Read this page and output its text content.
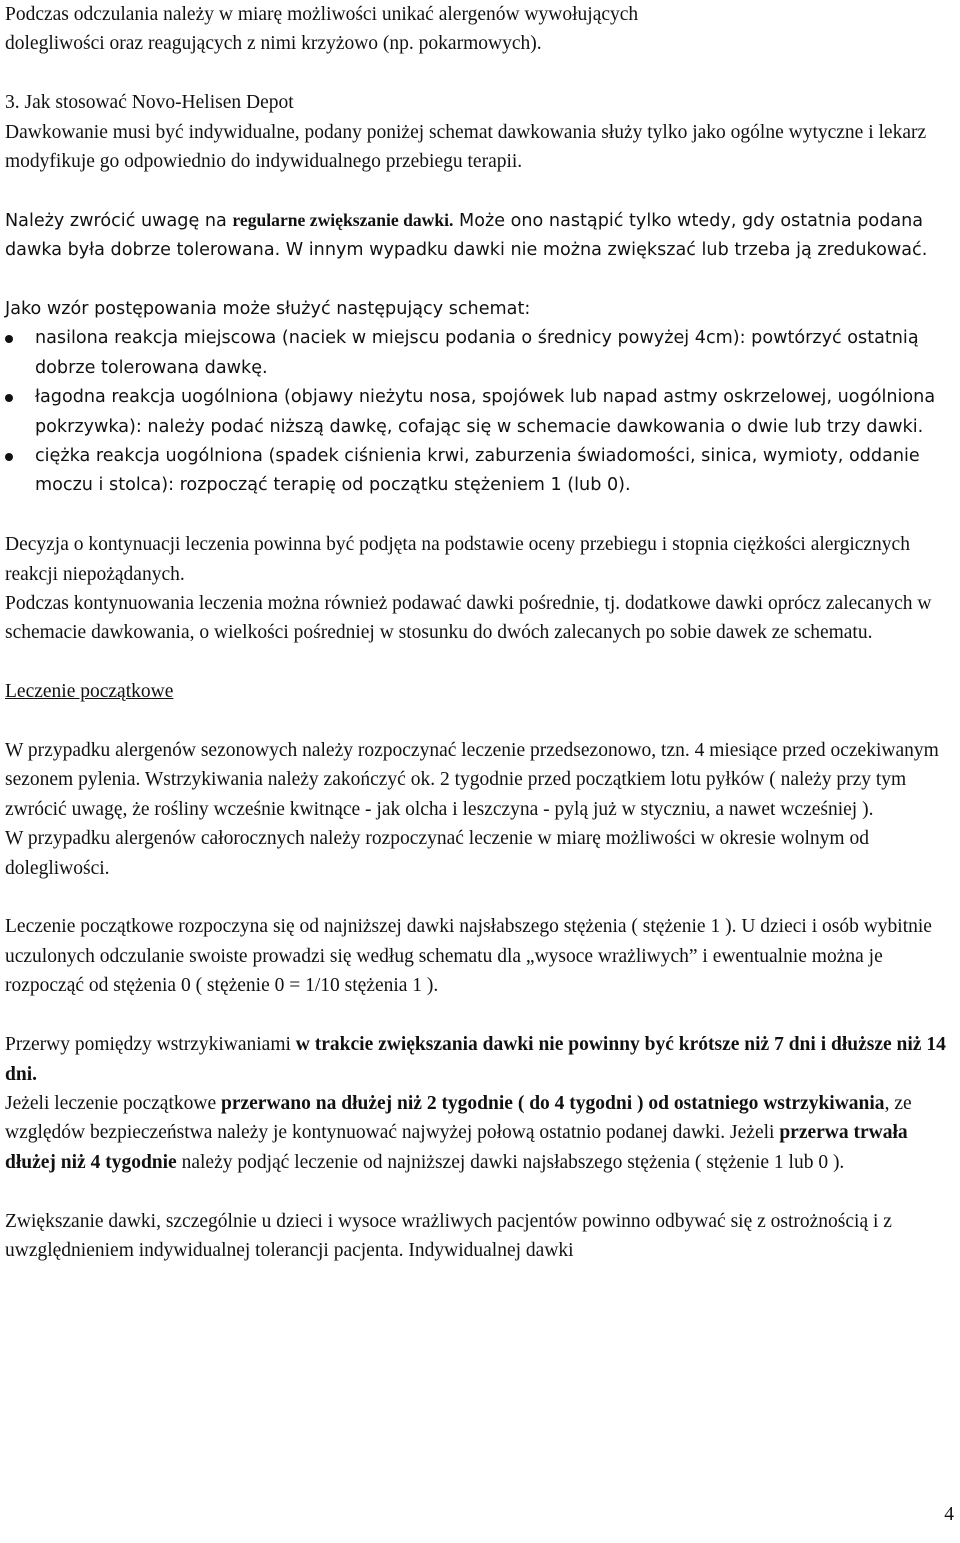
Podczas odczulania należy w miarę możliwości unikać alergenów wywołujących

dolegliwości oraz reagujących z nimi krzyżowo (np. pokarmowych).

3. Jak stosować Novo-Helisen Depot

Dawkowanie musi być indywidualne, podany poniżej schemat dawkowania służy tylko jako ogólne wytyczne i lekarz modyfikuje go odpowiednio do indywidualnego przebiegu terapii.

Należy zwrócić uwagę na regularne zwiększanie dawki. Może ono nastąpić tylko wtedy, gdy ostatnia podana dawka była dobrze tolerowana. W innym wypadku dawki nie można zwiększać lub trzeba ją zredukować.

Jako wzór postępowania może służyć następujący schemat:

nasilona reakcja miejscowa (naciek w miejscu podania o średnicy powyżej 4cm): powtórzyć ostatnią dobrze tolerowana dawkę.
łagodna reakcja uogólniona (objawy nieżytu nosa, spojówek lub napad astmy oskrzelowej, uogólniona pokrzywka): należy podać niższą dawkę, cofając się w schemacie dawkowania o dwie lub trzy dawki.
ciężka reakcja uogólniona (spadek ciśnienia krwi, zaburzenia świadomości, sinica, wymioty, oddanie moczu i stolca): rozpocząć terapię od początku stężeniem 1 (lub 0).

Decyzja o kontynuacji leczenia powinna być podjęta na podstawie oceny przebiegu i stopnia ciężkości alergicznych reakcji niepożądanych.

Podczas kontynuowania leczenia można również podawać dawki pośrednie, tj. dodatkowe dawki oprócz zalecanych w schemacie dawkowania, o wielkości pośredniej w stosunku do dwóch zalecanych po sobie dawek ze schematu.

Leczenie początkowe

W przypadku alergenów sezonowych należy rozpoczynać leczenie przedsezonowo, tzn. 4 miesiące przed oczekiwanym sezonem pylenia. Wstrzykiwania należy zakończyć ok. 2 tygodnie przed początkiem lotu pyłków ( należy przy tym zwrócić uwagę, że rośliny wcześnie kwitnące - jak olcha i leszczyna - pylą już w styczniu, a nawet wcześniej ).

W przypadku alergenów całorocznych należy rozpoczynać leczenie w miarę możliwości w okresie wolnym od dolegliwości.

Leczenie początkowe rozpoczyna się od najniższej dawki najsłabszego stężenia ( stężenie 1 ). U dzieci i osób wybitnie uczulonych odczulanie swoiste prowadzi się według schematu dla „wysoce wrażliwych” i ewentualnie można je rozpocząć od stężenia 0 ( stężenie 0 = 1/10 stężenia 1 ).

Przerwy pomiędzy wstrzykiwaniami w trakcie zwiększania dawki nie powinny być krótsze niż 7 dni i dłuższe niż 14 dni.

Jeżeli leczenie początkowe przerwano na dłużej niż 2 tygodnie ( do 4 tygodni ) od ostatniego wstrzykiwania, ze względów bezpieczeństwa należy je kontynuować najwyżej połową ostatnio podanej dawki. Jeżeli przerwa trwała dłużej niż 4 tygodnie należy podjąć leczenie od najniższej dawki najsłabszego stężenia ( stężenie 1 lub 0 ).

Zwiększanie dawki, szczególnie u dzieci i wysoce wrażliwych pacjentów powinno odbywać się z ostrożnością i z uwzględnieniem indywidualnej tolerancji pacjenta. Indywidualnej dawki

4
